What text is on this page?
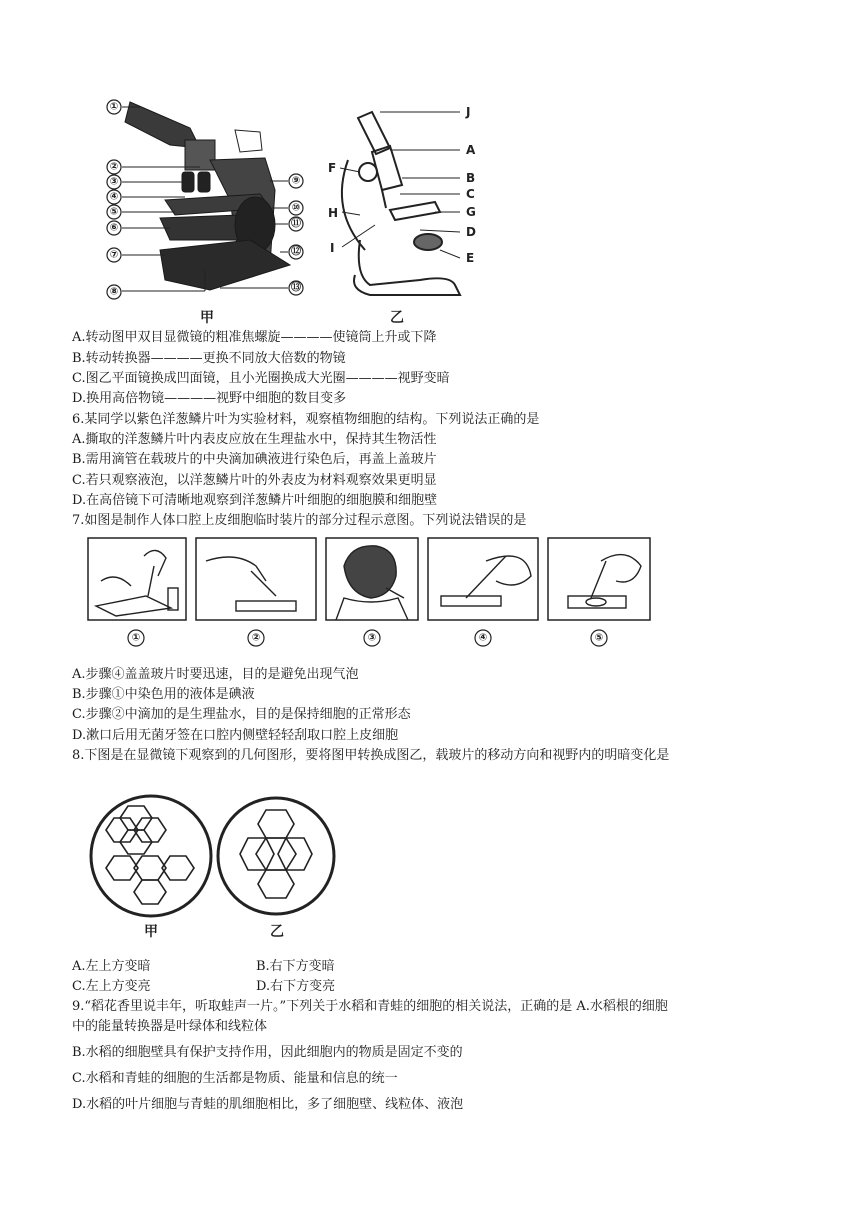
①
②
③
④
⑤
⑥
⑦
⑧
⑨
⑩
⑪
⑫
⑬
甲
J
A
F
B
C
H	G
D
I
E
乙
A.转动图甲双目显微镜的粗准焦螺旋————使镜筒上升或下降
B.转动转换器————更换不同放大倍数的物镜
C.图乙平面镜换成凹面镜，且小光圈换成大光圈————视野变暗
D.换用高倍物镜————视野中细胞的数目变多
6.某同学以紫色洋葱鳞片叶为实验材料，观察植物细胞的结构。下列说法正确的是
A.撕取的洋葱鳞片叶内表皮应放在生理盐水中，保持其生物活性
B.需用滴管在载玻片的中央滴加碘液进行染色后，再盖上盖玻片
C.若只观察液泡，以洋葱鳞片叶的外表皮为材料观察效果更明显
D.在高倍镜下可清晰地观察到洋葱鳞片叶细胞的细胞膜和细胞壁
7.如图是制作人体口腔上皮细胞临时装片的部分过程示意图。下列说法错误的是
①	②	③	④	⑤
A.步骤④盖盖玻片时要迅速，目的是避免出现气泡
B.步骤①中染色用的液体是碘液
C.步骤②中滴加的是生理盐水，目的是保持细胞的正常形态
D.漱口后用无菌牙签在口腔内侧壁轻轻刮取口腔上皮细胞
8.下图是在显微镜下观察到的几何图形，要将图甲转换成图乙，载玻片的移动方向和视野内的明暗变化是
甲	乙
A.左上方变暗	B.右下方变暗
C.左上方变亮	D.右下方变亮
9.“稻花香里说丰年，听取蛙声一片。”下列关于水稻和青蛙的细胞的相关说法，正确的是 A.水稻根的细胞
中的能量转换器是叶绿体和线粒体
B.水稻的细胞壁具有保护支持作用，因此细胞内的物质是固定不变的
C.水稻和青蛙的细胞的生活都是物质、能量和信息的统一
D.水稻的叶片细胞与青蛙的肌细胞相比，多了细胞壁、线粒体、液泡
